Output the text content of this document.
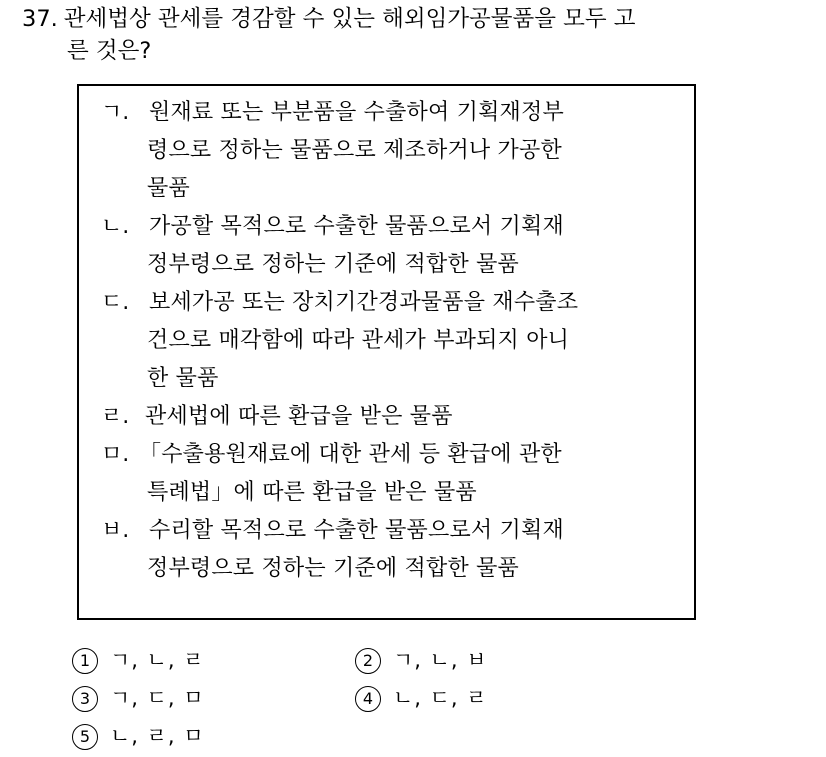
37. 관세법상 관세를 경감할 수 있는 해외임가공물품을 모두 고
른 것은?
ㄱ. 원재료 또는 부분품을 수출하여 기획재정부
령으로 정하는 물품으로 제조하거나 가공한
물품
ㄴ. 가공할 목적으로 수출한 물품으로서 기획재
정부령으로 정하는 기준에 적합한 물품
ㄷ. 보세가공 또는 장치기간경과물품을 재수출조
건으로 매각함에 따라 관세가 부과되지 아니
한 물품
ㄹ. 관세법에 따른 환급을 받은 물품
ㅁ. 「수출용원재료에 대한 관세 등 환급에 관한
특례법」에 따른 환급을 받은 물품
ㅂ. 수리할 목적으로 수출한 물품으로서 기획재
정부령으로 정하는 기준에 적합한 물품
1 ㄱ, ㄴ, ㄹ	2 ㄱ, ㄴ, ㅂ
3 ㄱ, ㄷ, ㅁ	4 ㄴ, ㄷ, ㄹ
5 ㄴ, ㄹ, ㅁ
